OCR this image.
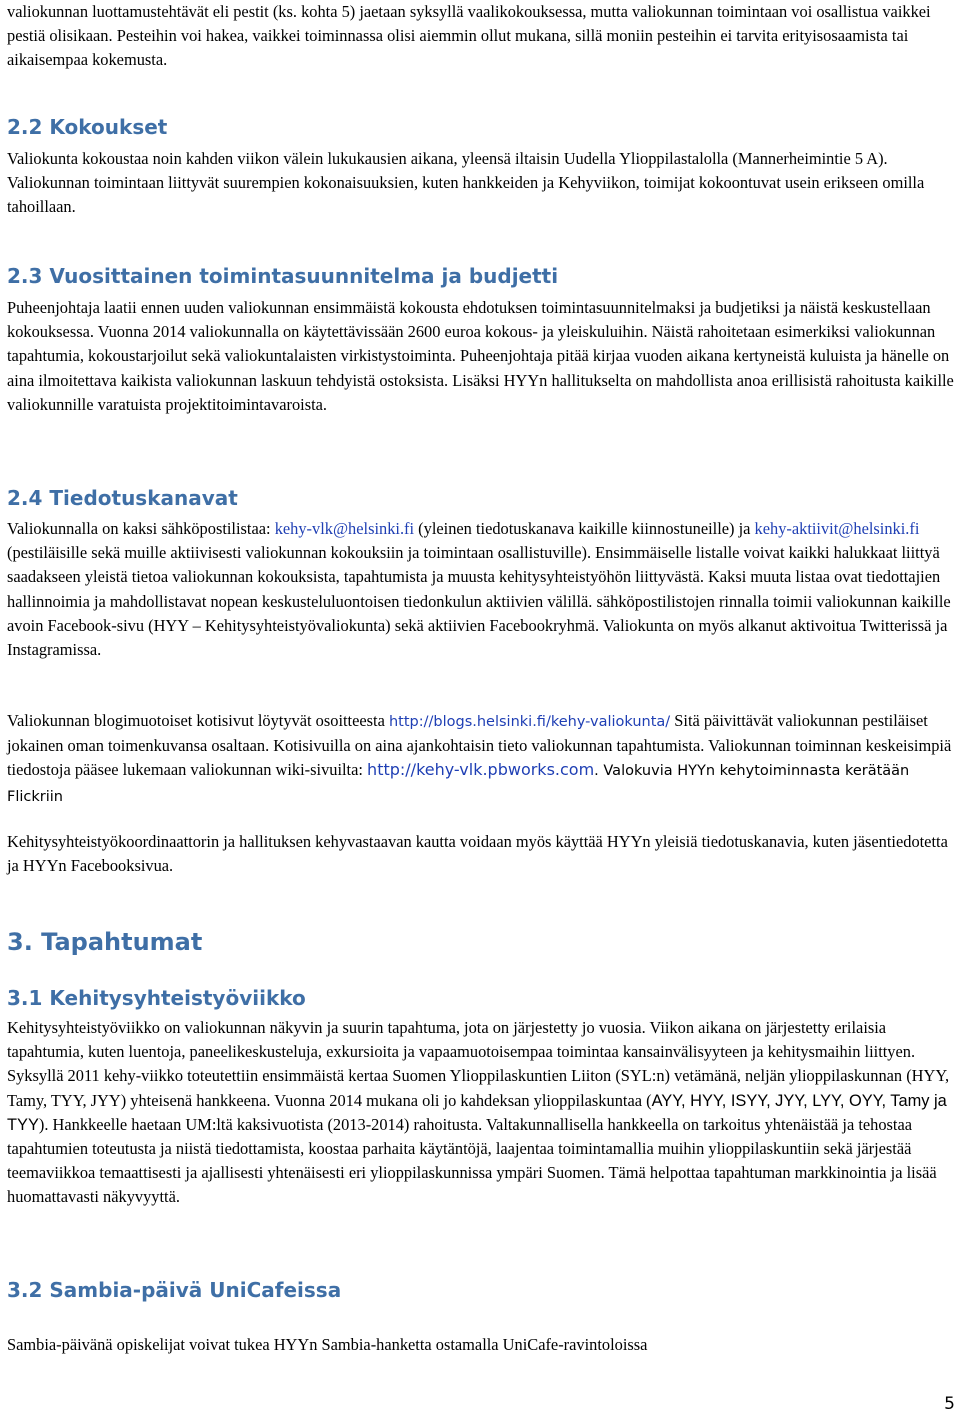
valiokunnan luottamustehtävät eli pestit (ks. kohta 5) jaetaan syksyllä vaalikokouksessa, mutta valiokunnan toimintaan voi osallistua vaikkei pestiä olisikaan. Pesteihin voi hakea, vaikkei toiminnassa olisi aiemmin ollut mukana, sillä moniin pesteihin ei tarvita erityisosaamista tai aikaisempaa kokemusta.

2.2 Kokoukset

Valiokunta kokoustaa noin kahden viikon välein lukukausien aikana, yleensä iltaisin Uudella Ylioppilastalolla (Mannerheimintie 5 A). Valiokunnan toimintaan liittyvät suurempien kokonaisuuksien, kuten hankkeiden ja Kehyviikon, toimijat kokoontuvat usein erikseen omilla tahoillaan.

2.3 Vuosittainen toimintasuunnitelma ja budjetti

Puheenjohtaja laatii ennen uuden valiokunnan ensimmäistä kokousta ehdotuksen toimintasuunnitelmaksi ja budjetiksi ja näistä keskustellaan kokouksessa. Vuonna 2014 valiokunnalla on käytettävissään 2600 euroa kokous- ja yleiskuluihin. Näistä rahoitetaan esimerkiksi valiokunnan tapahtumia, kokoustarjoilut sekä valiokuntalaisten virkistystoiminta. Puheenjohtaja pitää kirjaa vuoden aikana kertyneistä kuluista ja hänelle on aina ilmoitettava kaikista valiokunnan laskuun tehdyistä ostoksista. Lisäksi HYYn hallitukselta on mahdollista anoa erillisistä rahoitusta kaikille valiokunnille varatuista projektitoimintavaroista.

2.4 Tiedotuskanavat

Valiokunnalla on kaksi sähköpostilistaa: kehy-vlk@helsinki.fi (yleinen tiedotuskanava kaikille kiinnostuneille) ja kehy-aktiivit@helsinki.fi (pestiläisille sekä muille aktiivisesti valiokunnan kokouksiin ja toimintaan osallistuville). Ensimmäiselle listalle voivat kaikki halukkaat liittyä saadakseen yleistä tietoa valiokunnan kokouksista, tapahtumista ja muusta kehitysyhteistyöhön liittyvästä. Kaksi muuta listaa ovat tiedottajien hallinnoimia ja mahdollistavat nopean keskusteluluontoisen tiedonkulun aktiivien välillä. sähköpostilistojen rinnalla toimii valiokunnan kaikille avoin Facebook-sivu (HYY – Kehitysyhteistyövaliokunta) sekä aktiivien Facebookryhmä. Valiokunta on myös alkanut aktivoitua Twitterissä ja Instagramissa.

Valiokunnan blogimuotoiset kotisivut löytyvät osoitteesta http://blogs.helsinki.fi/kehy-valiokunta/ Sitä päivittävät valiokunnan pestiläiset jokainen oman toimenkuvansa osaltaan. Kotisivuilla on aina ajankohtaisin tieto valiokunnan tapahtumista. Valiokunnan toiminnan keskeisimpiä tiedostoja pääsee lukemaan valiokunnan wiki-sivuilta: http://kehy-vlk.pbworks.com. Valokuvia HYYn kehytoiminnasta kerätään Flickriin

Kehitysyhteistyökoordinaattorin ja hallituksen kehyvastaavan kautta voidaan myös käyttää HYYn yleisiä tiedotuskanavia, kuten jäsentiedotetta ja HYYn Facebooksivua.

3. Tapahtumat
3.1 Kehitysyhteistyöviikko

Kehitysyhteistyöviikko on valiokunnan näkyvin ja suurin tapahtuma, jota on järjestetty jo vuosia. Viikon aikana on järjestetty erilaisia tapahtumia, kuten luentoja, paneelikeskusteluja, exkursioita ja vapaamuotoisempaa toimintaa kansainvälisyyteen ja kehitysmaihin liittyen. Syksyllä 2011 kehy-viikko toteutettiin ensimmäistä kertaa Suomen Ylioppilaskuntien Liiton (SYL:n) vetämänä, neljän ylioppilaskunnan (HYY, Tamy, TYY, JYY) yhteisenä hankkeena. Vuonna 2014 mukana oli jo kahdeksan ylioppilaskuntaa (AYY, HYY, ISYY, JYY, LYY, OYY, Tamy ja TYY). Hankkeelle haetaan UM:ltä kaksivuotista (2013-2014) rahoitusta. Valtakunnallisella hankkeella on tarkoitus yhtenäistää ja tehostaa tapahtumien toteutusta ja niistä tiedottamista, koostaa parhaita käytäntöjä, laajentaa toimintamallia muihin ylioppilaskuntiin sekä järjestää teemaviikkoa temaattisesti ja ajallisesti yhtenäisesti eri ylioppilaskunnissa ympäri Suomen. Tämä helpottaa tapahtuman markkinointia ja lisää huomattavasti näkyvyyttä.

3.2 Sambia-päivä UniCafeissa

Sambia-päivänä opiskelijat voivat tukea HYYn Sambia-hanketta ostamalla UniCafe-ravintoloissa

5
